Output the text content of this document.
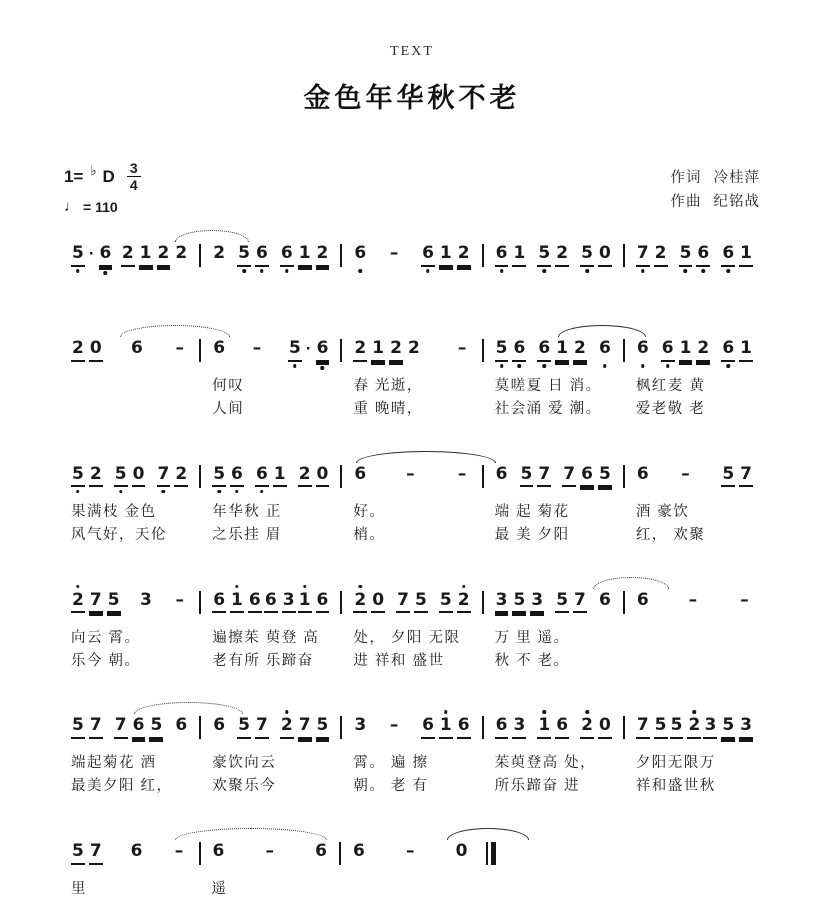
TEXT
金色年华秋不老
1= ♭ D $\frac{3}{4}$
♩ = 110
作词 冷桂萍
作曲 纪铭战
5 · 6 2 1 2 2 2 5 6 6 1 2 6 – 6 1 2 6 1 5 2 5 0 7 2 5 6 6 1
2 0 6 – 6 – 5 · 6
何叹
人间
2 1 2 2 –
春 光逝，
重 晚晴，
5 6 6 1 2 6
莫嗟夏 日 消。
社会涌 爱 潮。
6 6 1 2 6 1
枫红麦 黄
爱老敬 老
5 2 5 0 7 2
果满枝 金色
风气好，天伦
5 6 6 1 2 0
年华秋 正
之乐挂 眉
6 –	–
好。
梢。
6 5 7 7 6 5
端 起 菊花
最 美 夕阳
6 – 5 7
酒 豪饮
红， 欢聚
2 7 5 3 –
向云 霄。
乐今 朝。
6 1 6 6 3 1 6
遍擦茱 萸登 高
老有所 乐蹄奋
2 0 7 5 5 2
处， 夕阳 无限
进 祥和 盛世
3 5 3 5 7 6
万 里 遥。
秋 不 老。
6 –	–
5 7 7 6 5 6
端起菊花 酒
最美夕阳 红，
6 5 7 2 7 5
豪饮向云
欢聚乐今
3 – 6 1 6
霄。 遍 擦
朝。 老 有
6 3 1 6 2 0
茱萸登高 处，
所乐蹄奋 进
7 5 5 2 3 5 3
夕阳无限万
祥和盛世秋
5 7 6 –
里
6 – 6
遥
6 – 0
